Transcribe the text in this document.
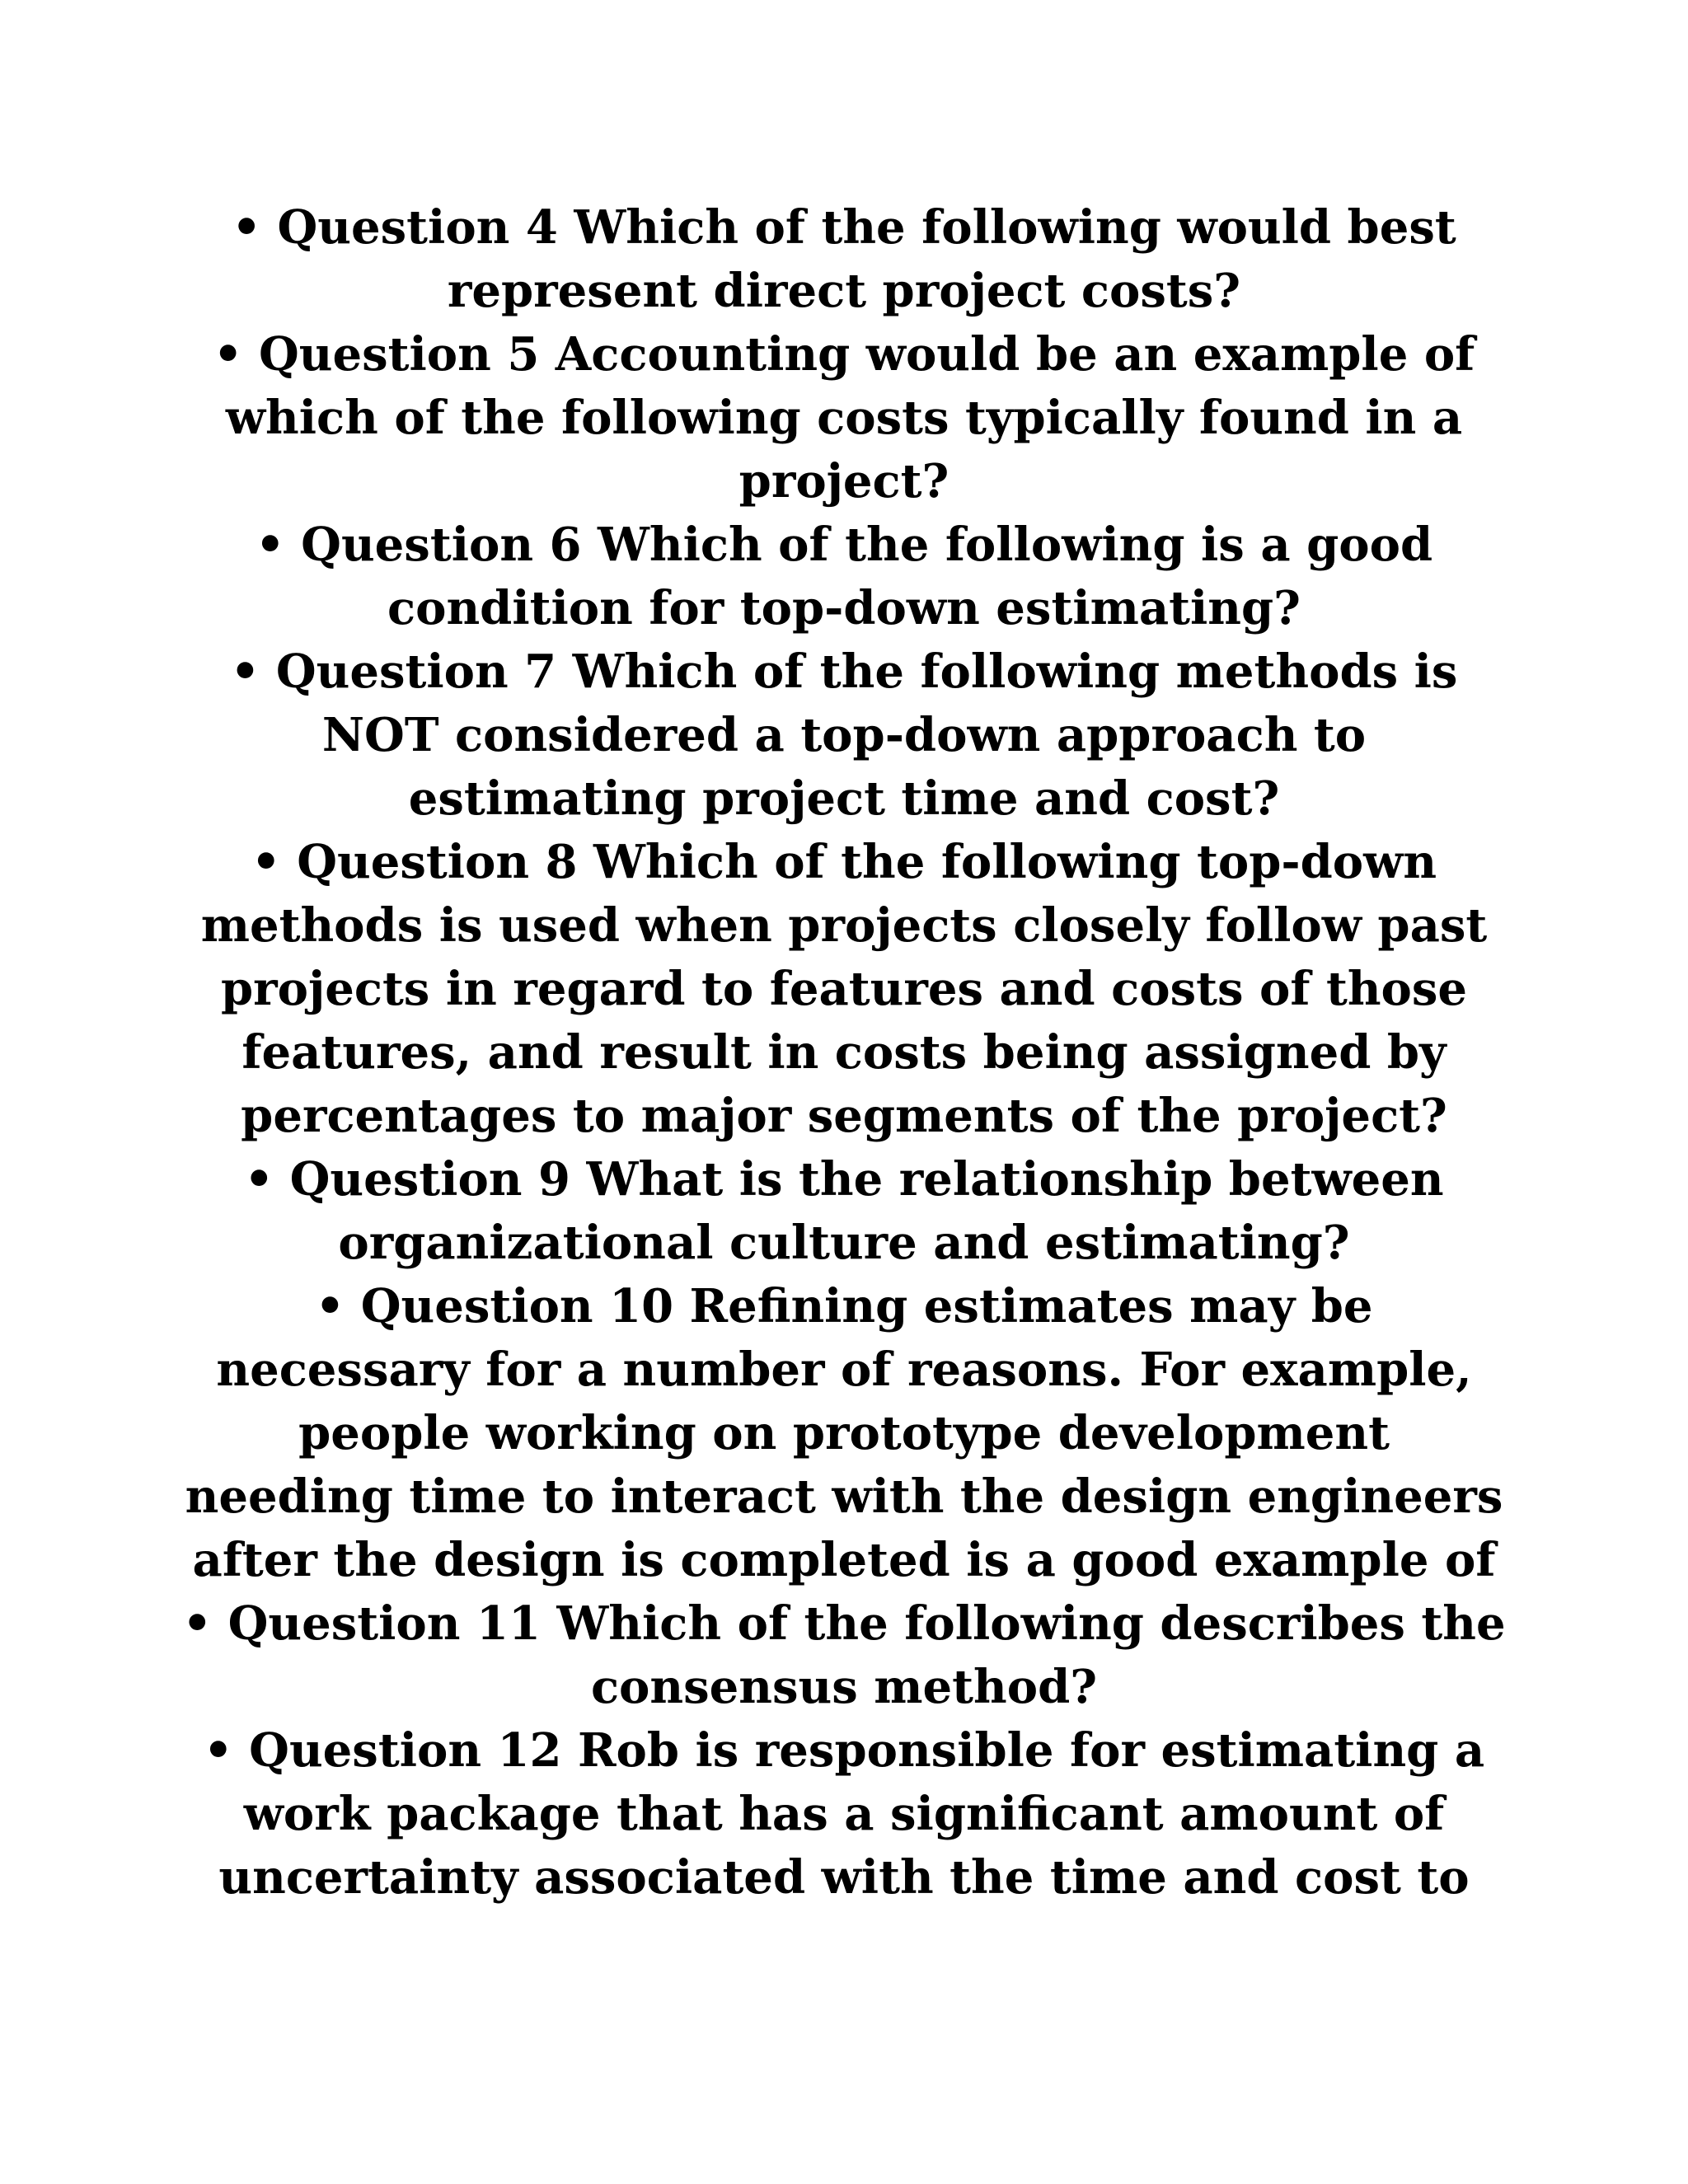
• Question 4 Which of the following would best
represent direct project costs?
• Question 5 Accounting would be an example of
which of the following costs typically found in a
project?
• Question 6 Which of the following is a good
condition for top-down estimating?
• Question 7 Which of the following methods is
NOT considered a top-down approach to
estimating project time and cost?
• Question 8 Which of the following top-down
methods is used when projects closely follow past
projects in regard to features and costs of those
features, and result in costs being assigned by
percentages to major segments of the project?
• Question 9 What is the relationship between
organizational culture and estimating?
• Question 10 Refining estimates may be
necessary for a number of reasons. For example,
people working on prototype development
needing time to interact with the design engineers
after the design is completed is a good example of
• Question 11 Which of the following describes the
consensus method?
• Question 12 Rob is responsible for estimating a
work package that has a significant amount of
uncertainty associated with the time and cost to
